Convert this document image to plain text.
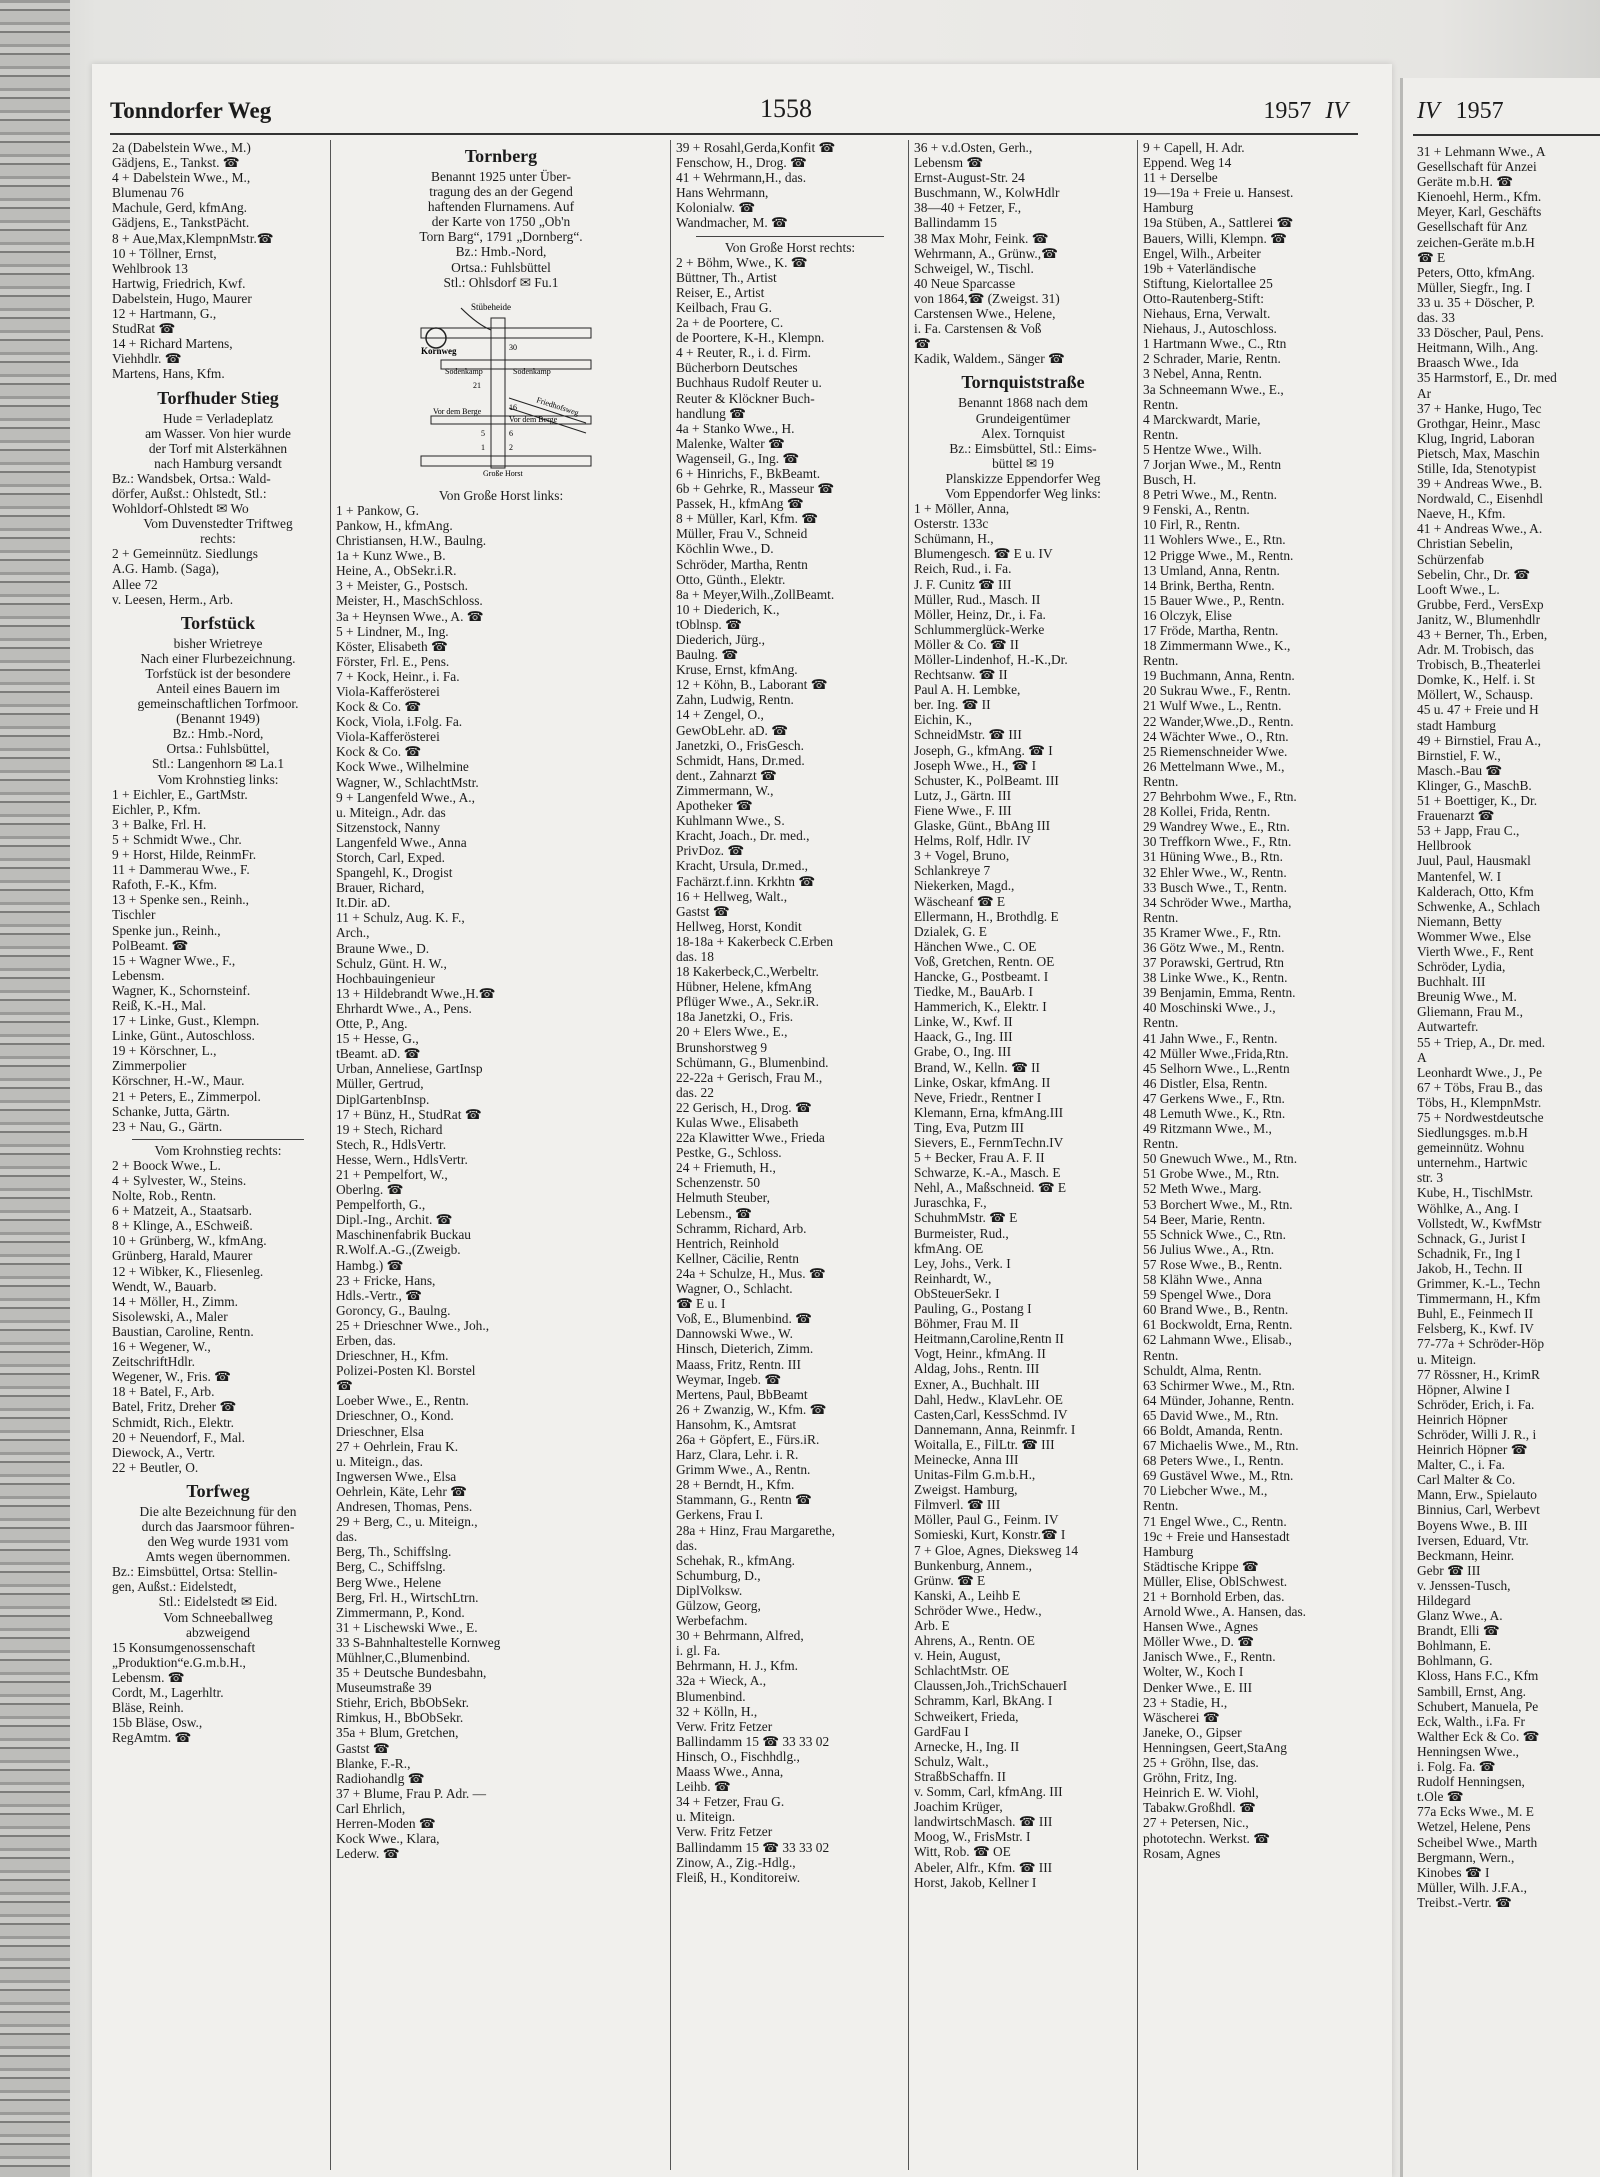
Tonndorfer Weg	1558	1957 IV
2a (Dabelstein Wwe., M.)
Gädjens, E., Tankst. ☎
4 + Dabelstein Wwe., M.,
Blumenau 76
Machule, Gerd, kfmAng.
Gädjens, E., TankstPächt.
8 + Aue,Max,KlempnMstr.☎
10 + Töllner, Ernst,
Wehlbrook 13
Hartwig, Friedrich, Kwf.
Dabelstein, Hugo, Maurer
12 + Hartmann, G.,
StudRat ☎
14 + Richard Martens,
Viehhdlr. ☎
Martens, Hans, Kfm.
Torfhuder Stieg
Hude = Verladeplatz
am Wasser. Von hier wurde
der Torf mit Alsterkähnen
nach Hamburg versandt
Bz.: Wandsbek, Ortsa.: Wald-
dörfer, Außst.: Ohlstedt, Stl.:
Wohldorf-Ohlstedt ✉ Wo
Vom Duvenstedter Triftweg
rechts:
2 + Gemeinnütz. Siedlungs
A.G. Hamb. (Saga),
Allee 72
v. Leesen, Herm., Arb.
Torfstück
bisher Wrietreye
Nach einer Flurbezeichnung.
Torfstück ist der besondere
Anteil eines Bauern im
gemeinschaftlichen Torfmoor.
(Benannt 1949)
Bz.: Hmb.-Nord,
Ortsa.: Fuhlsbüttel,
Stl.: Langenhorn ✉ La.1
Vom Krohnstieg links:
1 + Eichler, E., GartMstr.
Eichler, P., Kfm.
3 + Balke, Frl. H.
5 + Schmidt Wwe., Chr.
9 + Horst, Hilde, ReinmFr.
11 + Dammerau Wwe., F.
Rafoth, F.-K., Kfm.
13 + Spenke sen., Reinh.,
Tischler
Spenke jun., Reinh.,
PolBeamt. ☎
15 + Wagner Wwe., F.,
Lebensm.
Wagner, K., Schornsteinf.
Reiß, K.-H., Mal.
17 + Linke, Gust., Klempn.
Linke, Günt., Autoschloss.
19 + Körschner, L.,
Zimmerpolier
Körschner, H.-W., Maur.
21 + Peters, E., Zimmerpol.
Schanke, Jutta, Gärtn.
23 + Nau, G., Gärtn.
Vom Krohnstieg rechts:
2 + Boock Wwe., L.
4 + Sylvester, W., Steins.
Nolte, Rob., Rentn.
6 + Matzeit, A., Staatsarb.
8 + Klinge, A., ESchweiß.
10 + Grünberg, W., kfmAng.
Grünberg, Harald, Maurer
12 + Wibker, K., Fliesenleg.
Wendt, W., Bauarb.
14 + Möller, H., Zimm.
Sisolewski, A., Maler
Baustian, Caroline, Rentn.
16 + Wegener, W.,
ZeitschriftHdlr.
Wegener, W., Fris. ☎
18 + Batel, F., Arb.
Batel, Fritz, Dreher ☎
Schmidt, Rich., Elektr.
20 + Neuendorf, F., Mal.
Diewock, A., Vertr.
22 + Beutler, O.
Torfweg
Die alte Bezeichnung für den
durch das Jaarsmoor führen-
den Weg wurde 1931 vom
Amts wegen übernommen.
Bz.: Eimsbüttel, Ortsa: Stellin-
gen, Außst.: Eidelstedt,
Stl.: Eidelstedt ✉ Eid.
Vom Schneeballweg
abzweigend
15 Konsumgenossenschaft
„Produktion“e.G.m.b.H.,
Lebensm. ☎
Cordt, M., Lagerhltr.
Bläse, Reinh.
15b Bläse, Osw.,
RegAmtm. ☎
Tornberg
Benannt 1925 unter Über-
tragung des an der Gegend
haftenden Flurnamens. Auf
der Karte von 1750 „Ob'n
Torn Barg“, 1791 „Dornberg“.
Bz.: Hmb.-Nord,
Ortsa.: Fuhlsbüttel
Stl.: Ohlsdorf ✉ Fu.1
Stübeheide
Kornweg
Sodenkamp	Sodenkamp
30
21
Friedhofsweg
Vor dem Berge
Vor dem Berge
16
5	6
1	2
Große Horst
Von Große Horst links:
1 + Pankow, G.
Pankow, H., kfmAng.
Christiansen, H.W., Baulng.
1a + Kunz Wwe., B.
Heine, A., ObSekr.i.R.
3 + Meister, G., Postsch.
Meister, H., MaschSchloss.
3a + Heynsen Wwe., A. ☎
5 + Lindner, M., Ing.
Köster, Elisabeth ☎
Förster, Frl. E., Pens.
7 + Kock, Heinr., i. Fa.
Viola-Kafferösterei
Kock & Co. ☎
Kock, Viola, i.Folg. Fa.
Viola-Kafferösterei
Kock & Co. ☎
Kock Wwe., Wilhelmine
Wagner, W., SchlachtMstr.
9 + Langenfeld Wwe., A.,
u. Miteign., Adr. das
Sitzenstock, Nanny
Langenfeld Wwe., Anna
Storch, Carl, Exped.
Spangehl, K., Drogist
Brauer, Richard,
It.Dir. aD.
11 + Schulz, Aug. K. F.,
Arch.,
Braune Wwe., D.
Schulz, Günt. H. W.,
Hochbauingenieur
13 + Hildebrandt Wwe.,H.☎
Ehrhardt Wwe., A., Pens.
Otte, P., Ang.
15 + Hesse, G.,
tBeamt. aD. ☎
Urban, Anneliese, GartInsp
Müller, Gertrud,
DiplGartenbInsp.
17 + Bünz, H., StudRat ☎
19 + Stech, Richard
Stech, R., HdlsVertr.
Hesse, Wern., HdlsVertr.
21 + Pempelfort, W.,
Oberlng. ☎
Pempelforth, G.,
Dipl.-Ing., Archit. ☎
Maschinenfabrik Buckau
R.Wolf.A.-G.,(Zweigb.
Hambg.) ☎
23 + Fricke, Hans,
Hdls.-Vertr., ☎
Goroncy, G., Baulng.
25 + Drieschner Wwe., Joh.,
Erben, das.
Drieschner, H., Kfm.
Polizei-Posten Kl. Borstel
☎
Loeber Wwe., E., Rentn.
Drieschner, O., Kond.
Drieschner, Elsa
27 + Oehrlein, Frau K.
u. Miteign., das.
Ingwersen Wwe., Elsa
Oehrlein, Käte, Lehr ☎
Andresen, Thomas, Pens.
29 + Berg, C., u. Miteign.,
das.
Berg, Th., Schiffslng.
Berg, C., Schiffslng.
Berg Wwe., Helene
Berg, Frl. H., WirtschLtrn.
Zimmermann, P., Kond.
31 + Lischewski Wwe., E.
33 S-Bahnhaltestelle Kornweg
Mühlner,C.,Blumenbind.
35 + Deutsche Bundesbahn,
Museumstraße 39
Stiehr, Erich, BbObSekr.
Rimkus, H., BbObSekr.
35a + Blum, Gretchen,
Gastst ☎
Blanke, F.-R.,
Radiohandlg ☎
37 + Blume, Frau P. Adr. —
Carl Ehrlich,
Herren-Moden ☎
Kock Wwe., Klara,
Lederw. ☎
39 + Rosahl,Gerda,Konfit ☎
Fenschow, H., Drog. ☎
41 + Wehrmann,H., das.
Hans Wehrmann,
Kolonialw. ☎
Wandmacher, M. ☎
Von Große Horst rechts:
2 + Böhm, Wwe., K. ☎
Büttner, Th., Artist
Reiser, E., Artist
Keilbach, Frau G.
2a + de Poortere, C.
de Poortere, K-H., Klempn.
4 + Reuter, R., i. d. Firm.
Bücherborn Deutsches
Buchhaus Rudolf Reuter u.
Reuter & Klöckner Buch-
handlung ☎
4a + Stanko Wwe., H.
Malenke, Walter ☎
Wagenseil, G., Ing. ☎
6 + Hinrichs, F., BkBeamt.
6b + Gehrke, R., Masseur ☎
Passek, H., kfmAng ☎
8 + Müller, Karl, Kfm. ☎
Müller, Frau V., Schneid
Köchlin Wwe., D.
Schröder, Martha, Rentn
Otto, Günth., Elektr.
8a + Meyer,Wilh.,ZollBeamt.
10 + Diederich, K.,
tOblnsp. ☎
Diederich, Jürg.,
Baulng. ☎
Kruse, Ernst, kfmAng.
12 + Köhn, B., Laborant ☎
Zahn, Ludwig, Rentn.
14 + Zengel, O.,
GewObLehr. aD. ☎
Janetzki, O., FrisGesch.
Schmidt, Hans, Dr.med.
dent., Zahnarzt ☎
Zimmermann, W.,
Apotheker ☎
Kuhlmann Wwe., S.
Kracht, Joach., Dr. med.,
PrivDoz. ☎
Kracht, Ursula, Dr.med.,
Fachärzt.f.inn. Krkhtn ☎
16 + Hellweg, Walt.,
Gastst ☎
Hellweg, Horst, Kondit
18-18a + Kakerbeck C.Erben
das. 18
18 Kakerbeck,C.,Werbeltr.
Hübner, Helene, kfmAng
Pflüger Wwe., A., Sekr.iR.
18a Janetzki, O., Fris.
20 + Elers Wwe., E.,
Brunshorstweg 9
Schümann, G., Blumenbind.
22-22a + Gerisch, Frau M.,
das. 22
22 Gerisch, H., Drog. ☎
Kulas Wwe., Elisabeth
22a Klawitter Wwe., Frieda
Pestke, G., Schloss.
24 + Friemuth, H.,
Schenzenstr. 50
Helmuth Steuber,
Lebensm., ☎
Schramm, Richard, Arb.
Hentrich, Reinhold
Kellner, Cäcilie, Rentn
24a + Schulze, H., Mus. ☎
Wagner, O., Schlacht.
☎ E u. I
Voß, E., Blumenbind. ☎
Dannowski Wwe., W.
Hinsch, Dieterich, Zimm.
Maass, Fritz, Rentn. III
Weymar, Ingeb. ☎
Mertens, Paul, BbBeamt
26 + Zwanzig, W., Kfm. ☎
Hansohm, K., Amtsrat
26a + Göpfert, E., Fürs.iR.
Harz, Clara, Lehr. i. R.
Grimm Wwe., A., Rentn.
28 + Berndt, H., Kfm.
Stammann, G., Rentn ☎
Gerkens, Frau I.
28a + Hinz, Frau Margarethe,
das.
Schehak, R., kfmAng.
Schumburg, D.,
DiplVolksw.
Gülzow, Georg,
Werbefachm.
30 + Behrmann, Alfred,
i. gl. Fa.
Behrmann, H. J., Kfm.
32a + Wieck, A.,
Blumenbind.
32 + Kölln, H.,
Verw. Fritz Fetzer
Ballindamm 15 ☎ 33 33 02
Hinsch, O., Fischhdlg.,
Maass Wwe., Anna,
Leihb. ☎
34 + Fetzer, Frau G.
u. Miteign.
Verw. Fritz Fetzer
Ballindamm 15 ☎ 33 33 02
Zinow, A., Zig.-Hdlg.,
Fleiß, H., Konditoreiw.
36 + v.d.Osten, Gerh.,
Lebensm ☎
Ernst-August-Str. 24
Buschmann, W., KolwHdlr
38—40 + Fetzer, F.,
Ballindamm 15
38 Max Mohr, Feink. ☎
Wehrmann, A., Grünw.,☎
Schweigel, W., Tischl.
40 Neue Sparcasse
von 1864,☎ (Zweigst. 31)
Carstensen Wwe., Helene,
i. Fa. Carstensen & Voß
☎
Kadik, Waldem., Sänger ☎
Tornquiststraße
Benannt 1868 nach dem
Grundeigentümer
Alex. Tornquist
Bz.: Eimsbüttel, Stl.: Eims-
büttel ✉ 19
Planskizze Eppendorfer Weg
Vom Eppendorfer Weg links:
1 + Möller, Anna,
Osterstr. 133c
Schümann, H.,
Blumengesch. ☎ E u. IV
Reich, Rud., i. Fa.
J. F. Cunitz ☎ III
Müller, Rud., Masch. II
Möller, Heinz, Dr., i. Fa.
Schlummerglück-Werke
Möller & Co. ☎ II
Möller-Lindenhof, H.-K.,Dr.
Rechtsanw. ☎ II
Paul A. H. Lembke,
ber. Ing. ☎ II
Eichin, K.,
SchneidMstr. ☎ III
Joseph, G., kfmAng. ☎ I
Joseph Wwe., H., ☎ I
Schuster, K., PolBeamt. III
Lutz, J., Gärtn. III
Fiene Wwe., F. III
Glaske, Günt., BbAng III
Helms, Rolf, Hdlr. IV
3 + Vogel, Bruno,
Schlankreye 7
Niekerken, Magd.,
Wäscheanf ☎ E
Ellermann, H., Brothdlg. E
Dzialek, G. E
Hänchen Wwe., C. OE
Voß, Gretchen, Rentn. OE
Hancke, G., Postbeamt. I
Tiedke, M., BauArb. I
Hammerich, K., Elektr. I
Linke, W., Kwf. II
Haack, G., Ing. III
Grabe, O., Ing. III
Brand, W., Kelln. ☎ II
Linke, Oskar, kfmAng. II
Neve, Friedr., Rentner I
Klemann, Erna, kfmAng.III
Ting, Eva, Putzm III
Sievers, E., FernmTechn.IV
5 + Becker, Frau A. F. II
Schwarze, K.-A., Masch. E
Nehl, A., Maßschneid. ☎ E
Juraschka, F.,
SchuhmMstr. ☎ E
Burmeister, Rud.,
kfmAng. OE
Ley, Johs., Verk. I
Reinhardt, W.,
ObSteuerSekr. I
Pauling, G., Postang I
Böhmer, Frau M. II
Heitmann,Caroline,Rentn II
Vogt, Heinr., kfmAng. II
Aldag, Johs., Rentn. III
Exner, A., Buchhalt. III
Dahl, Hedw., KlavLehr. OE
Casten,Carl, KessSchmd. IV
Dannemann, Anna, Reinmfr. I
Woitalla, E., FilLtr. ☎ III
Meinecke, Anna III
Unitas-Film G.m.b.H.,
Zweigst. Hamburg,
Filmverl. ☎ III
Möller, Paul G., Feinm. IV
Somieski, Kurt, Konstr.☎ I
7 + Gloe, Agnes, Dieksweg 14
Bunkenburg, Annem.,
Grünw. ☎ E
Kanski, A., Leihb E
Schröder Wwe., Hedw.,
Arb. E
Ahrens, A., Rentn. OE
v. Hein, August,
SchlachtMstr. OE
Claussen,Joh.,TrichSchauerI
Schramm, Karl, BkAng. I
Schweikert, Frieda,
GardFau I
Arnecke, H., Ing. II
Schulz, Walt.,
StraßbSchaffn. II
v. Somm, Carl, kfmAng. III
Joachim Krüger,
landwirtschMasch. ☎ III
Moog, W., FrisMstr. I
Witt, Rob. ☎ OE
Abeler, Alfr., Kfm. ☎ III
Horst, Jakob, Kellner I
9 + Capell, H. Adr.
Eppend. Weg 14
11 + Derselbe
19—19a + Freie u. Hansest.
Hamburg
19a Stüben, A., Sattlerei ☎
Bauers, Willi, Klempn. ☎
Engel, Wilh., Arbeiter
19b + Vaterländische
Stiftung, Kielortallee 25
Otto-Rautenberg-Stift:
Niehaus, Erna, Verwalt.
Niehaus, J., Autoschloss.
1 Hartmann Wwe., C., Rtn
2 Schrader, Marie, Rentn.
3 Nebel, Anna, Rentn.
3a Schneemann Wwe., E.,
Rentn.
4 Marckwardt, Marie,
Rentn.
5 Hentze Wwe., Wilh.
7 Jorjan Wwe., M., Rentn
Busch, H.
8 Petri Wwe., M., Rentn.
9 Fenski, A., Rentn.
10 Firl, R., Rentn.
11 Wohlers Wwe., E., Rtn.
12 Prigge Wwe., M., Rentn.
13 Umland, Anna, Rentn.
14 Brink, Bertha, Rentn.
15 Bauer Wwe., P., Rentn.
16 Olczyk, Elise
17 Fröde, Martha, Rentn.
18 Zimmermann Wwe., K.,
Rentn.
19 Buchmann, Anna, Rentn.
20 Sukrau Wwe., F., Rentn.
21 Wulf Wwe., L., Rentn.
22 Wander,Wwe.,D., Rentn.
24 Wächter Wwe., O., Rtn.
25 Riemenschneider Wwe.
26 Mettelmann Wwe., M.,
Rentn.
27 Behrbohm Wwe., F., Rtn.
28 Kollei, Frida, Rentn.
29 Wandrey Wwe., E., Rtn.
30 Treffkorn Wwe., F., Rtn.
31 Hüning Wwe., B., Rtn.
32 Ehler Wwe., W., Rentn.
33 Busch Wwe., T., Rentn.
34 Schröder Wwe., Martha,
Rentn.
35 Kramer Wwe., F., Rtn.
36 Götz Wwe., M., Rentn.
37 Porawski, Gertrud, Rtn
38 Linke Wwe., K., Rentn.
39 Benjamin, Emma, Rentn.
40 Moschinski Wwe., J.,
Rentn.
41 Jahn Wwe., F., Rentn.
42 Müller Wwe.,Frida,Rtn.
45 Selhorn Wwe., L.,Rentn
46 Distler, Elsa, Rentn.
47 Gerkens Wwe., F., Rtn.
48 Lemuth Wwe., K., Rtn.
49 Ritzmann Wwe., M.,
Rentn.
50 Gnewuch Wwe., M., Rtn.
51 Grobe Wwe., M., Rtn.
52 Meth Wwe., Marg.
53 Borchert Wwe., M., Rtn.
54 Beer, Marie, Rentn.
55 Schnick Wwe., C., Rtn.
56 Julius Wwe., A., Rtn.
57 Rose Wwe., B., Rentn.
58 Klähn Wwe., Anna
59 Spengel Wwe., Dora
60 Brand Wwe., B., Rentn.
61 Bockwoldt, Erna, Rentn.
62 Lahmann Wwe., Elisab.,
Rentn.
Schuldt, Alma, Rentn.
63 Schirmer Wwe., M., Rtn.
64 Münder, Johanne, Rentn.
65 David Wwe., M., Rtn.
66 Boldt, Amanda, Rentn.
67 Michaelis Wwe., M., Rtn.
68 Peters Wwe., I., Rentn.
69 Gustävel Wwe., M., Rtn.
70 Liebcher Wwe., M.,
Rentn.
71 Engel Wwe., C., Rentn.
19c + Freie und Hansestadt
Hamburg
Städtische Krippe ☎
Müller, Elise, OblSchwest.
21 + Bornhold Erben, das.
Arnold Wwe., A. Hansen, das.
Hansen Wwe., Agnes
Möller Wwe., D. ☎
Janisch Wwe., F., Rentn.
Wolter, W., Koch I
Denker Wwe., E. III
23 + Stadie, H.,
Wäscherei ☎
Janeke, O., Gipser
Henningsen, Geert,StaAng
25 + Gröhn, Ilse, das.
Gröhn, Fritz, Ing.
Heinrich E. W. Viohl,
Tabakw.Großhdl. ☎
27 + Petersen, Nic.,
phototechn. Werkst. ☎
Rosam, Agnes
IV 1957
31 + Lehmann Wwe., A
Gesellschaft für Anzei
Geräte m.b.H. ☎
Kienoehl, Herm., Kfm.
Meyer, Karl, Geschäfts
Gesellschaft für Anz
zeichen-Geräte m.b.H
☎ E
Peters, Otto, kfmAng.
Müller, Siegfr., Ing. I
33 u. 35 + Döscher, P.
das. 33
33 Döscher, Paul, Pens.
Heitmann, Wilh., Ang.
Braasch Wwe., Ida
35 Harmstorf, E., Dr. med
Ar
37 + Hanke, Hugo, Tec
Grothgar, Heinr., Masc
Klug, Ingrid, Laboran
Pietsch, Max, Maschin
Stille, Ida, Stenotypist
39 + Andreas Wwe., B.
Nordwald, C., Eisenhdl
Naeve, H., Kfm.
41 + Andreas Wwe., A.
Christian Sebelin,
Schürzenfab
Sebelin, Chr., Dr. ☎
Looft Wwe., L.
Grubbe, Ferd., VersExp
Janitz, W., Blumenhdlr
43 + Berner, Th., Erben,
Adr. M. Trobisch, das
Trobisch, B.,Theaterlei
Domke, K., Helf. i. St
Möllert, W., Schausp.
45 u. 47 + Freie und H
stadt Hamburg
49 + Birnstiel, Frau A.,
Birnstiel, F. W.,
Masch.-Bau ☎
Klinger, G., MaschB.
51 + Boettiger, K., Dr.
Frauenarzt ☎
53 + Japp, Frau C.,
Hellbrook
Juul, Paul, Hausmakl
Mantenfel, W. I
Kalderach, Otto, Kfm
Schwenke, A., Schlach
Niemann, Betty
Wommer Wwe., Else
Vierth Wwe., F., Rent
Schröder, Lydia,
Buchhalt. III
Breunig Wwe., M.
Gliemann, Frau M.,
Autwartefr.
55 + Triep, A., Dr. med.
A
Leonhardt Wwe., J., Pe
67 + Töbs, Frau B., das
Töbs, H., KlempnMstr.
75 + Nordwestdeutsche
Siedlungsges. m.b.H
gemeinnütz. Wohnu
unternehm., Hartwic
str. 3
Kube, H., TischlMstr.
Wöhlke, A., Ang. I
Vollstedt, W., KwfMstr
Schnack, G., Jurist I
Schadnik, Fr., Ing I
Jakob, H., Techn. II
Grimmer, K.-L., Techn
Timmermann, H., Kfm
Buhl, E., Feinmech II
Felsberg, K., Kwf. IV
77-77a + Schröder-Höp
u. Miteign.
77 Rössner, H., KrimR
Höpner, Alwine I
Schröder, Erich, i. Fa.
Heinrich Höpner
Schröder, Willi J. R., i
Heinrich Höpner ☎
Malter, C., i. Fa.
Carl Malter & Co.
Mann, Erw., Spielauto
Binnius, Carl, Werbevt
Boyens Wwe., B. III
Iversen, Eduard, Vtr.
Beckmann, Heinr.
Gebr ☎ III
v. Jenssen-Tusch,
Hildegard
Glanz Wwe., A.
Brandt, Elli ☎
Bohlmann, E.
Bohlmann, G.
Kloss, Hans F.C., Kfm
Sambill, Ernst, Ang.
Schubert, Manuela, Pe
Eck, Walth., i.Fa. Fr
Walther Eck & Co. ☎
Henningsen Wwe.,
i. Folg. Fa. ☎
Rudolf Henningsen,
t.Ole ☎
77a Ecks Wwe., M. E
Wetzel, Helene, Pens
Scheibel Wwe., Marth
Bergmann, Wern.,
Kinobes ☎ I
Müller, Wilh. J.F.A.,
Treibst.-Vertr. ☎
